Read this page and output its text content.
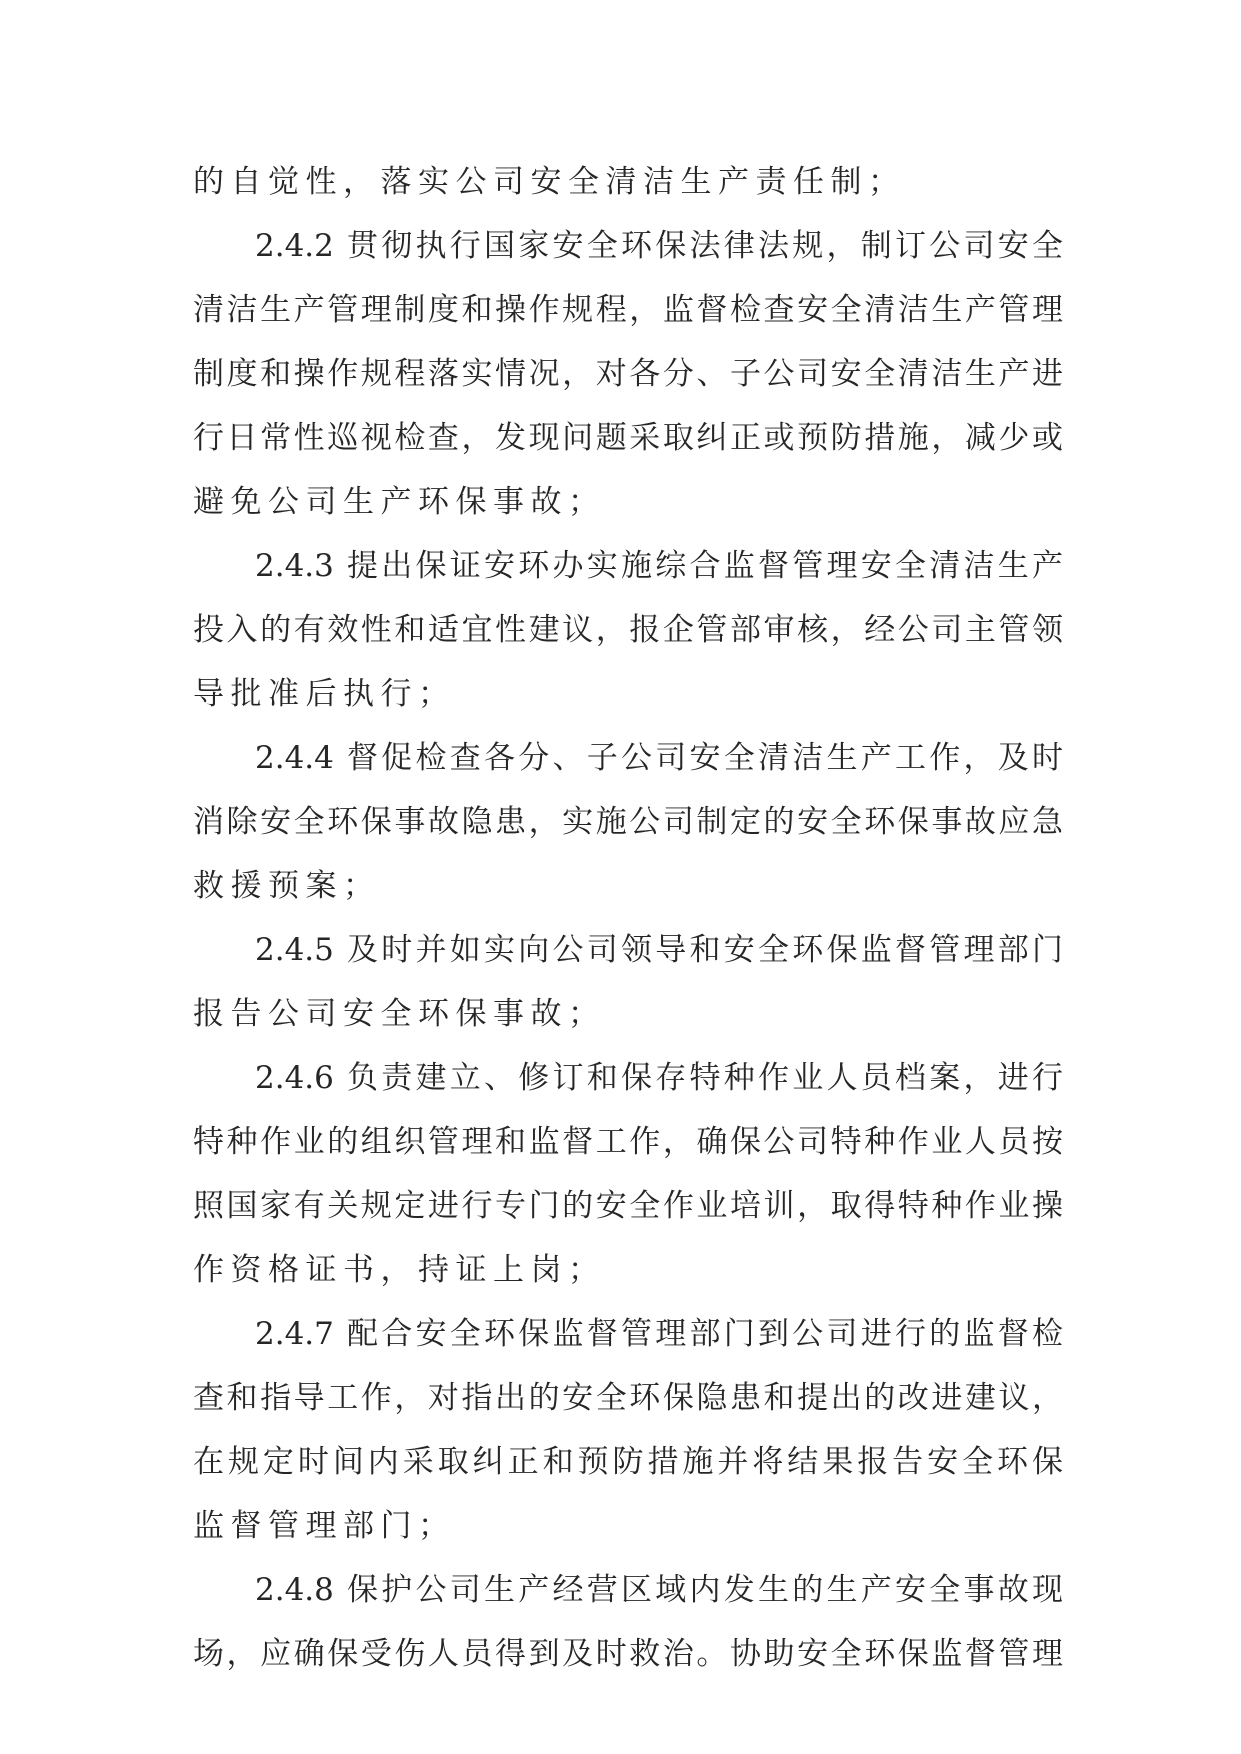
的自觉性，落实公司安全清洁生产责任制；
2.4.2 贯彻执行国家安全环保法律法规，制订公司安全
清洁生产管理制度和操作规程，监督检查安全清洁生产管理
制度和操作规程落实情况，对各分、子公司安全清洁生产进
行日常性巡视检查，发现问题采取纠正或预防措施，减少或
避免公司生产环保事故；
2.4.3 提出保证安环办实施综合监督管理安全清洁生产
投入的有效性和适宜性建议，报企管部审核，经公司主管领
导批准后执行；
2.4.4 督促检查各分、子公司安全清洁生产工作，及时
消除安全环保事故隐患，实施公司制定的安全环保事故应急
救援预案；
2.4.5 及时并如实向公司领导和安全环保监督管理部门
报告公司安全环保事故；
2.4.6 负责建立、修订和保存特种作业人员档案，进行
特种作业的组织管理和监督工作，确保公司特种作业人员按
照国家有关规定进行专门的安全作业培训，取得特种作业操
作资格证书，持证上岗；
2.4.7 配合安全环保监督管理部门到公司进行的监督检
查和指导工作，对指出的安全环保隐患和提出的改进建议，
在规定时间内采取纠正和预防措施并将结果报告安全环保
监督管理部门；
2.4.8 保护公司生产经营区域内发生的生产安全事故现
场，应确保受伤人员得到及时救治。协助安全环保监督管理
